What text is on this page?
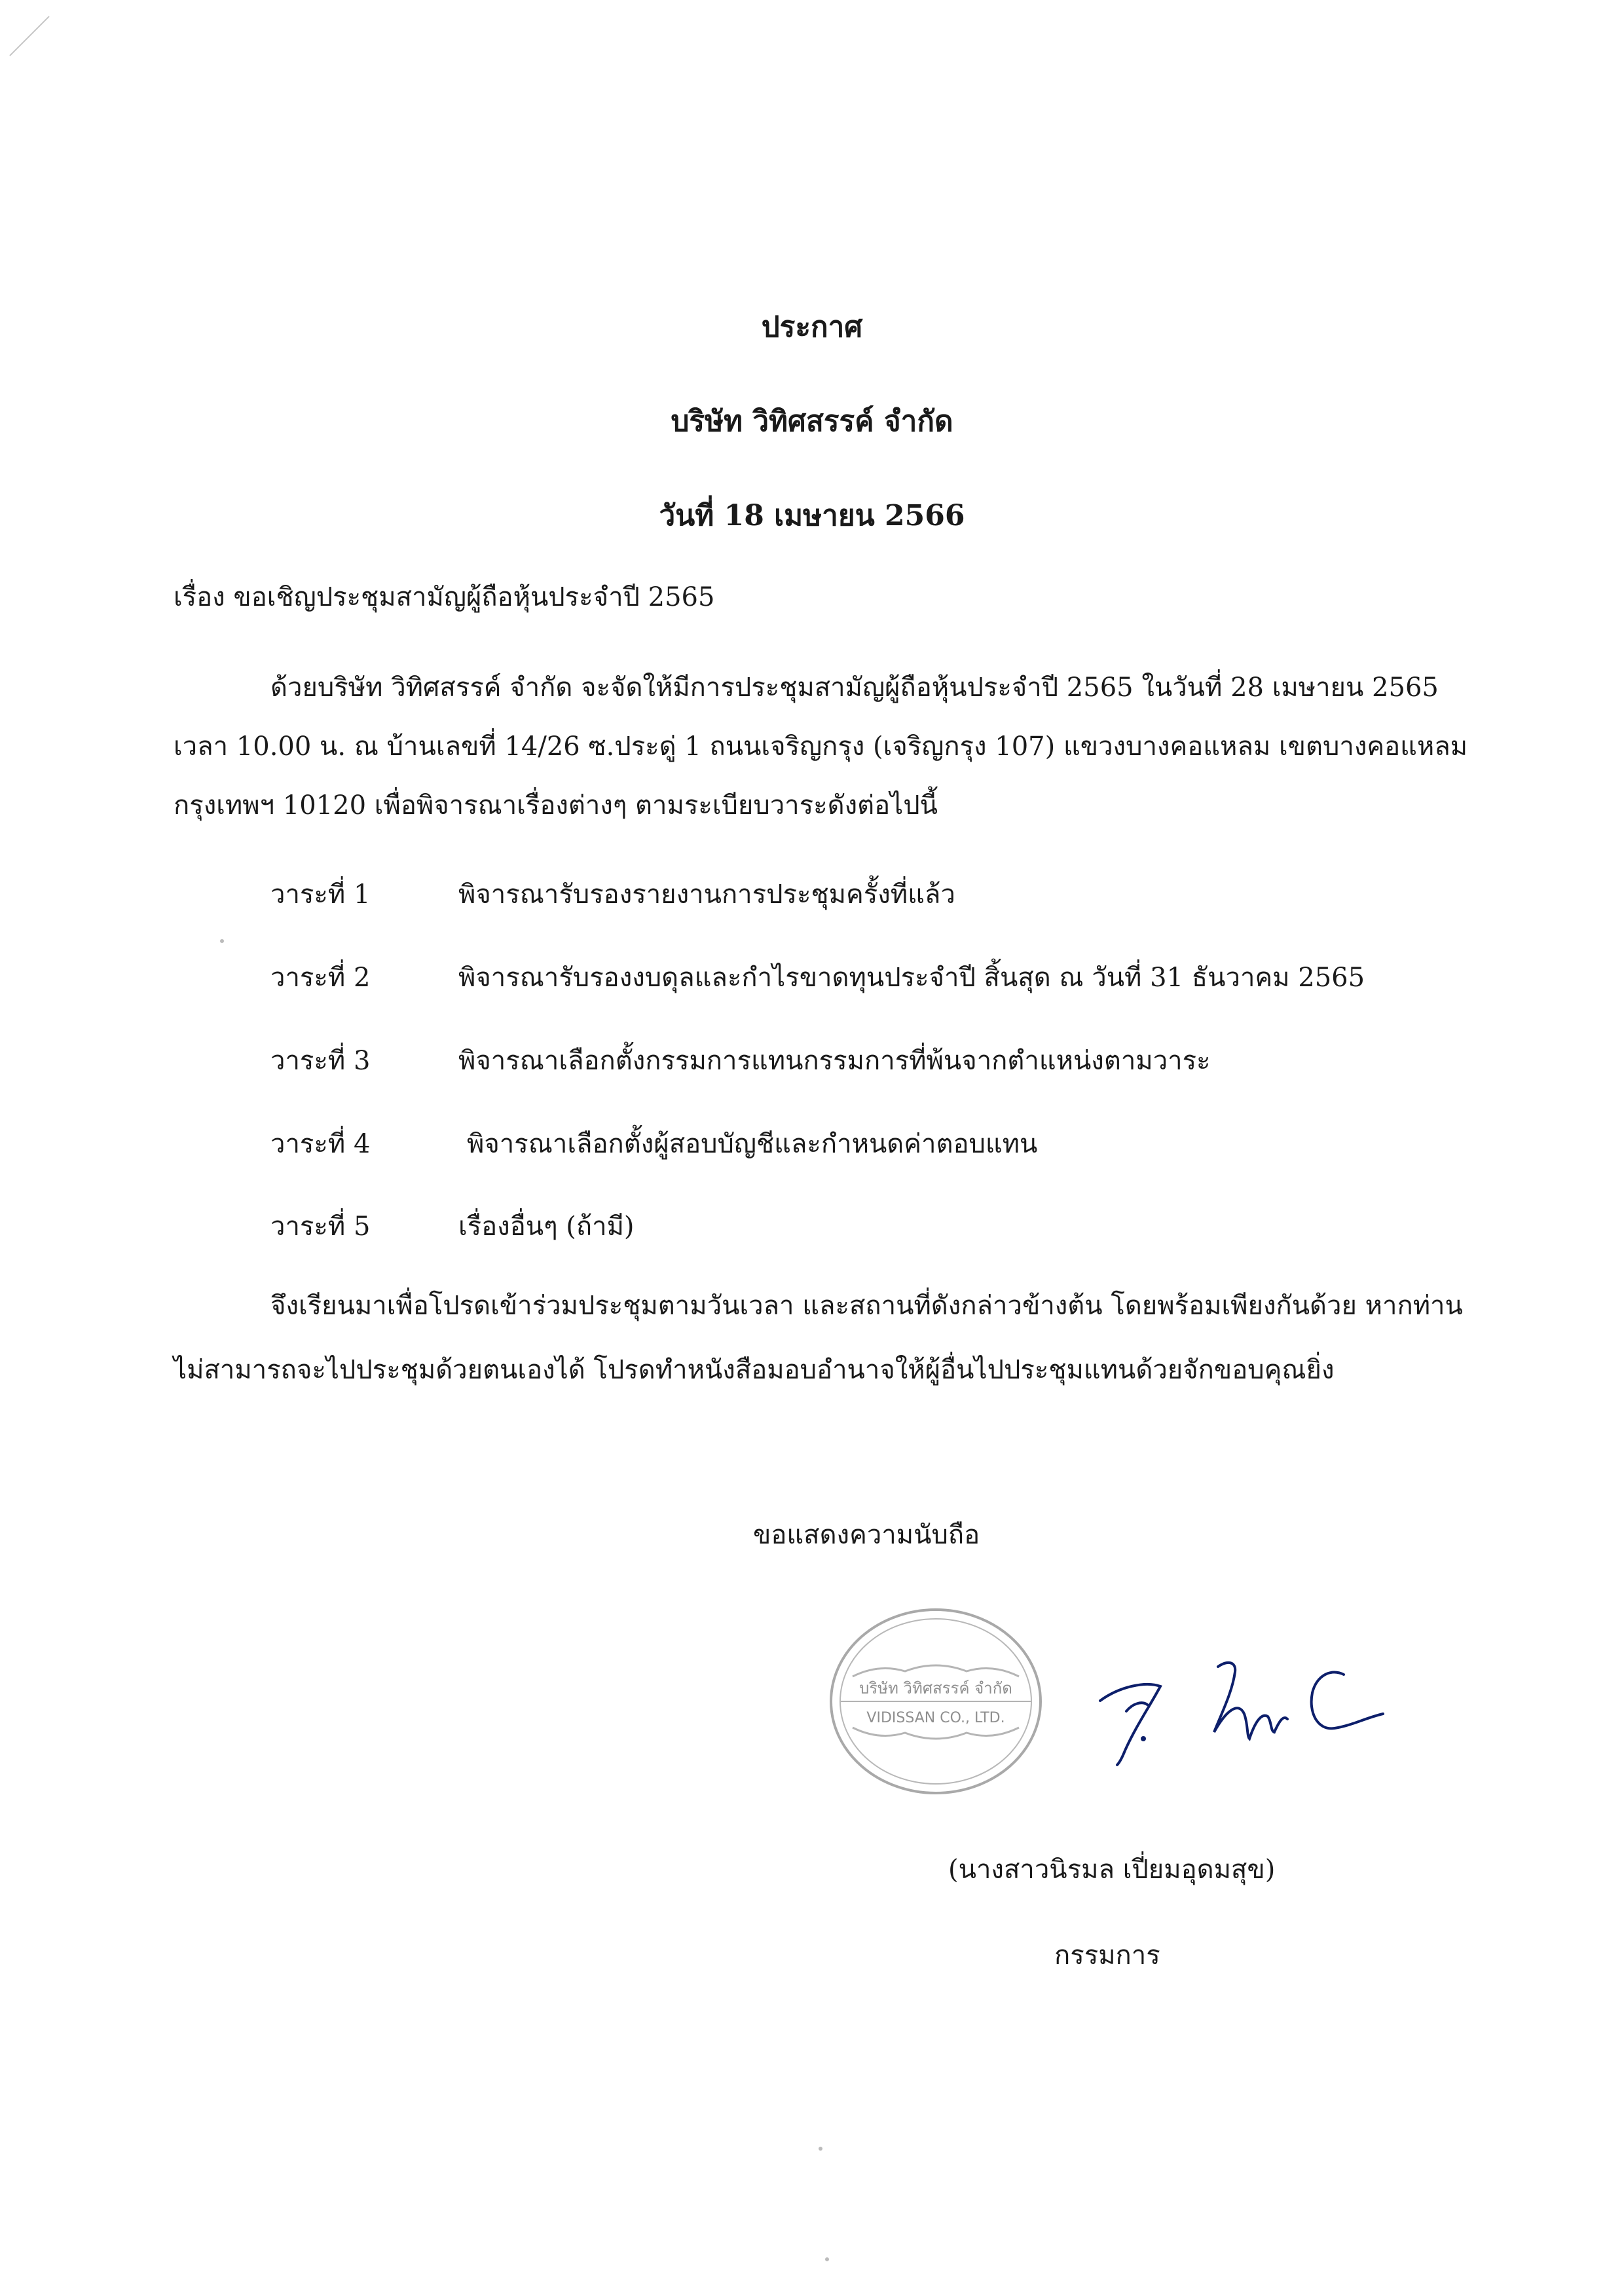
ประกาศ
บริษัท วิทิศสรรค์ จำกัด
วันที่ 18 เมษายน 2566
เรื่อง ขอเชิญประชุมสามัญผู้ถือหุ้นประจำปี 2565
ด้วยบริษัท วิทิศสรรค์ จำกัด จะจัดให้มีการประชุมสามัญผู้ถือหุ้นประจำปี 2565 ในวันที่ 28 เมษายน 2565
เวลา 10.00 น. ณ บ้านเลขที่ 14/26 ซ.ประดู่ 1 ถนนเจริญกรุง (เจริญกรุง 107) แขวงบางคอแหลม เขตบางคอแหลม
กรุงเทพฯ 10120 เพื่อพิจารณาเรื่องต่างๆ ตามระเบียบวาระดังต่อไปนี้
วาระที่ 1	พิจารณารับรองรายงานการประชุมครั้งที่แล้ว
วาระที่ 2	พิจารณารับรองงบดุลและกำไรขาดทุนประจำปี สิ้นสุด ณ วันที่ 31 ธันวาคม 2565
วาระที่ 3	พิจารณาเลือกตั้งกรรมการแทนกรรมการที่พ้นจากตำแหน่งตามวาระ
วาระที่ 4	พิจารณาเลือกตั้งผู้สอบบัญชีและกำหนดค่าตอบแทน
วาระที่ 5	เรื่องอื่นๆ (ถ้ามี)
จึงเรียนมาเพื่อโปรดเข้าร่วมประชุมตามวันเวลา และสถานที่ดังกล่าวข้างต้น โดยพร้อมเพียงกันด้วย หากท่าน
ไม่สามารถจะไปประชุมด้วยตนเองได้ โปรดทำหนังสือมอบอำนาจให้ผู้อื่นไปประชุมแทนด้วยจักขอบคุณยิ่ง
ขอแสดงความนับถือ
บริษัท วิทิศสรรค์ จำกัด
VIDISSAN CO., LTD.
(นางสาวนิรมล เปี่ยมอุดมสุข)
กรรมการ
